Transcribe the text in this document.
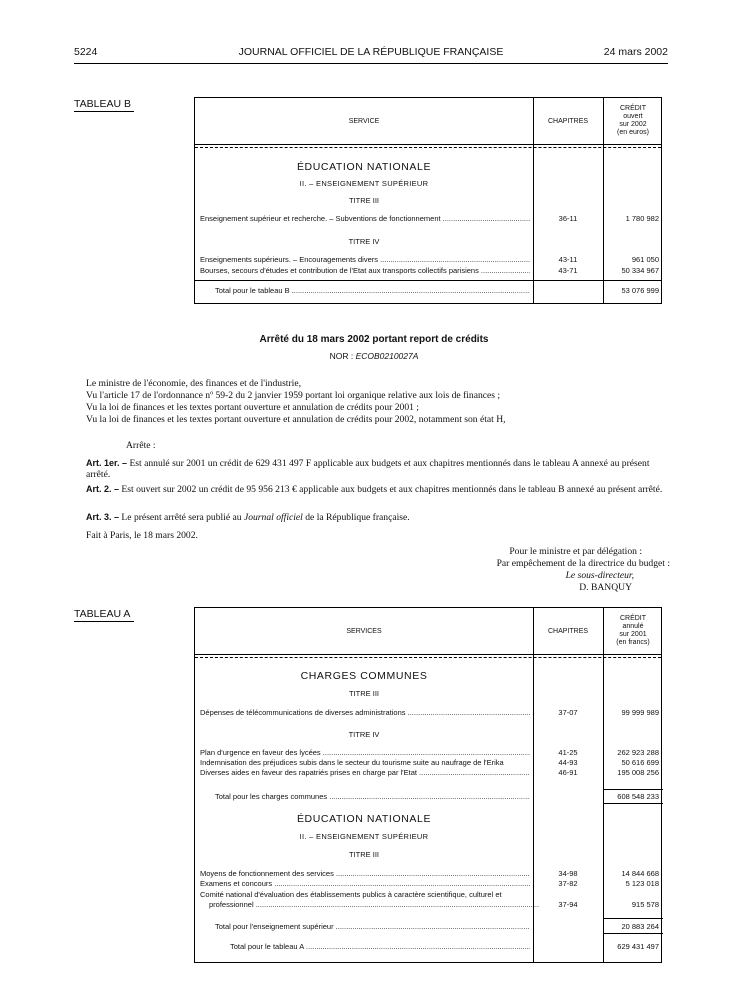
5224	JOURNAL OFFICIEL DE LA RÉPUBLIQUE FRANÇAISE	24 mars 2002
TABLEAU B
SERVICE	CHAPITRES
CRÉDIT
ouvert
sur 2002
(en euros)
ÉDUCATION NATIONALE
II. – ENSEIGNEMENT SUPÉRIEUR
TITRE III
Enseignement supérieur et recherche. – Subventions de fonctionnement .....	36-11	1 780 982
TITRE IV
Enseignements supérieurs. – Encouragements divers .....	43-11	961 050
Bourses, secours d'études et contribution de l'Etat aux transports collectifs parisiens .....	43-71	50 334 967
Total pour le tableau B .....	53 076 999
Arrêté du 18 mars 2002 portant report de crédits
NOR : ECOB0210027A
Le ministre de l'économie, des finances et de l'industrie,
Vu l'article 17 de l'ordonnance nº 59-2 du 2 janvier 1959 portant loi organique relative aux lois de finances ;
Vu la loi de finances et les textes portant ouverture et annulation de crédits pour 2001 ;
Vu la loi de finances et les textes portant ouverture et annulation de crédits pour 2002, notamment son état H,
Arrête :
Art. 1er. – Est annulé sur 2001 un crédit de 629 431 497 F applicable aux budgets et aux chapitres mentionnés dans le tableau A annexé au présent arrêté.
Art. 2. – Est ouvert sur 2002 un crédit de 95 956 213 € applicable aux budgets et aux chapitres mentionnés dans le tableau B annexé au présent arrêté.
Art. 3. – Le présent arrêté sera publié au Journal officiel de la République française.
Fait à Paris, le 18 mars 2002.
Pour le ministre et par délégation :
Par empêchement de la directrice du budget :
Le sous-directeur,
D. BANQUY
TABLEAU A
SERVICES	CHAPITRES
CRÉDIT
annulé
sur 2001
(en francs)
CHARGES COMMUNES
TITRE III
Dépenses de télécommunications de diverses administrations .....	37-07	99 999 989
TITRE IV
Plan d'urgence en faveur des lycées .....	41-25	262 923 288
Indemnisation des préjudices subis dans le secteur du tourisme suite au naufrage de l'Erika	44-93	50 616 699
Diverses aides en faveur des rapatriés prises en charge par l'Etat .....	46-91	195 008 256
Total pour les charges communes .....	608 548 233
ÉDUCATION NATIONALE
II. – ENSEIGNEMENT SUPÉRIEUR
TITRE III
Moyens de fonctionnement des services .....	34-98	14 844 668
Examens et concours .....	37-82	5 123 018
Comité national d'évaluation des établissements publics à caractère scientifique, culturel et
professionnel .....	37-94	915 578
Total pour l'enseignement supérieur .....	20 883 264
Total pour le tableau A .....	629 431 497
